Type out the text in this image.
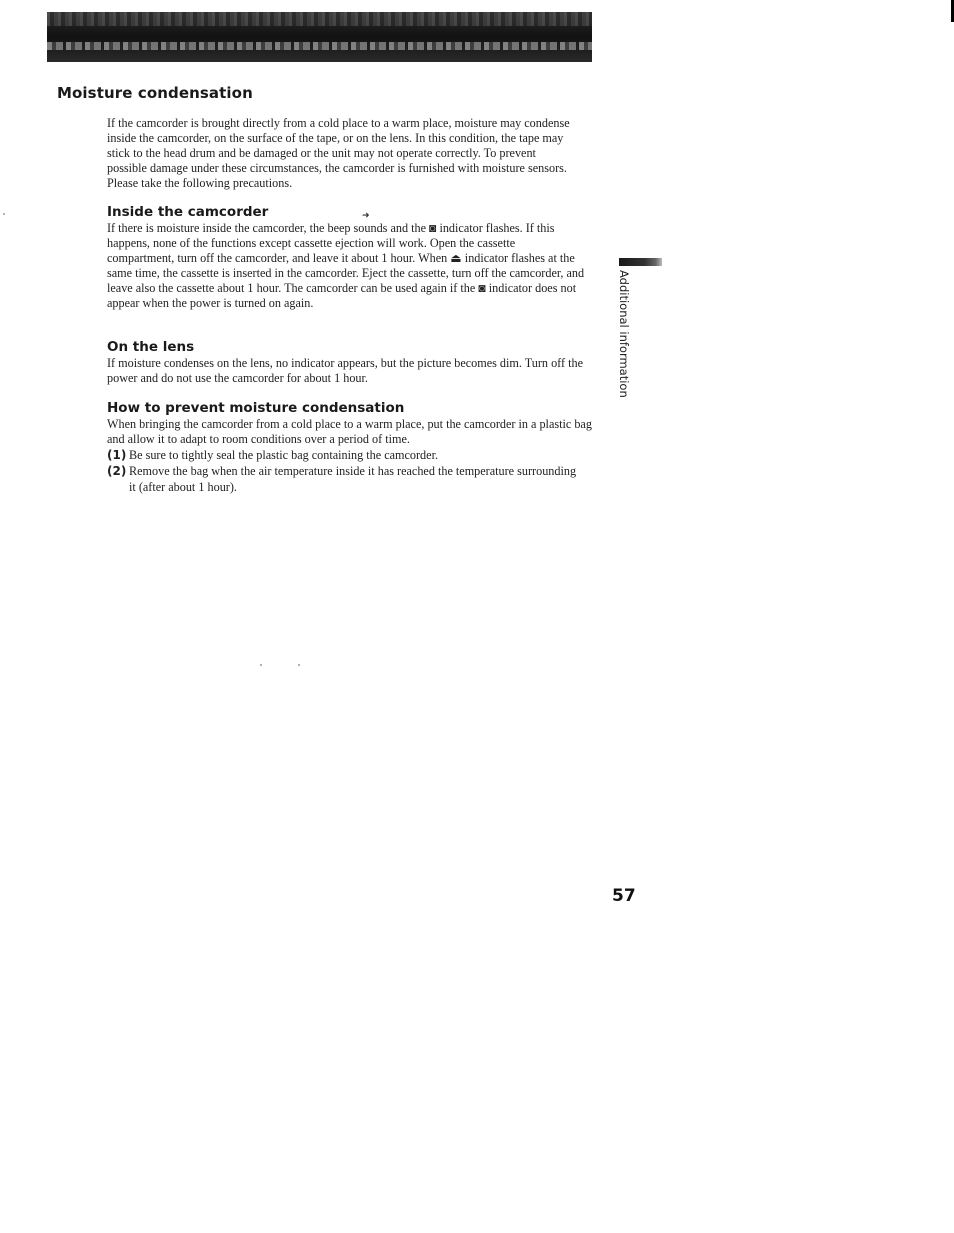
Moisture condensation

If the camcorder is brought directly from a cold place to a warm place, moisture may condense inside the camcorder, on the surface of the tape, or on the lens. In this condition, the tape may stick to the head drum and be damaged or the unit may not operate correctly. To prevent possible damage under these circumstances, the camcorder is furnished with moisture sensors. Please take the following precautions.

Inside the camcorder	➜

If there is moisture inside the camcorder, the beep sounds and the ◙ indicator flashes. If this happens, none of the functions except cassette ejection will work. Open the cassette compartment, turn off the camcorder, and leave it about 1 hour. When ⏏ indicator flashes at the same time, the cassette is inserted in the camcorder. Eject the cassette, turn off the camcorder, and leave also the cassette about 1 hour. The camcorder can be used again if the ◙ indicator does not appear when the power is turned on again.

On the lens

If moisture condenses on the lens, no indicator appears, but the picture becomes dim. Turn off the power and do not use the camcorder for about 1 hour.

How to prevent moisture condensation

When bringing the camcorder from a cold place to a warm place, put the camcorder in a plastic bag and allow it to adapt to room conditions over a period of time.

(1) Be sure to tightly seal the plastic bag containing the camcorder.
(2) Remove the bag when the air temperature inside it has reached the temperature surrounding it (after about 1 hour).
Additional information

57
